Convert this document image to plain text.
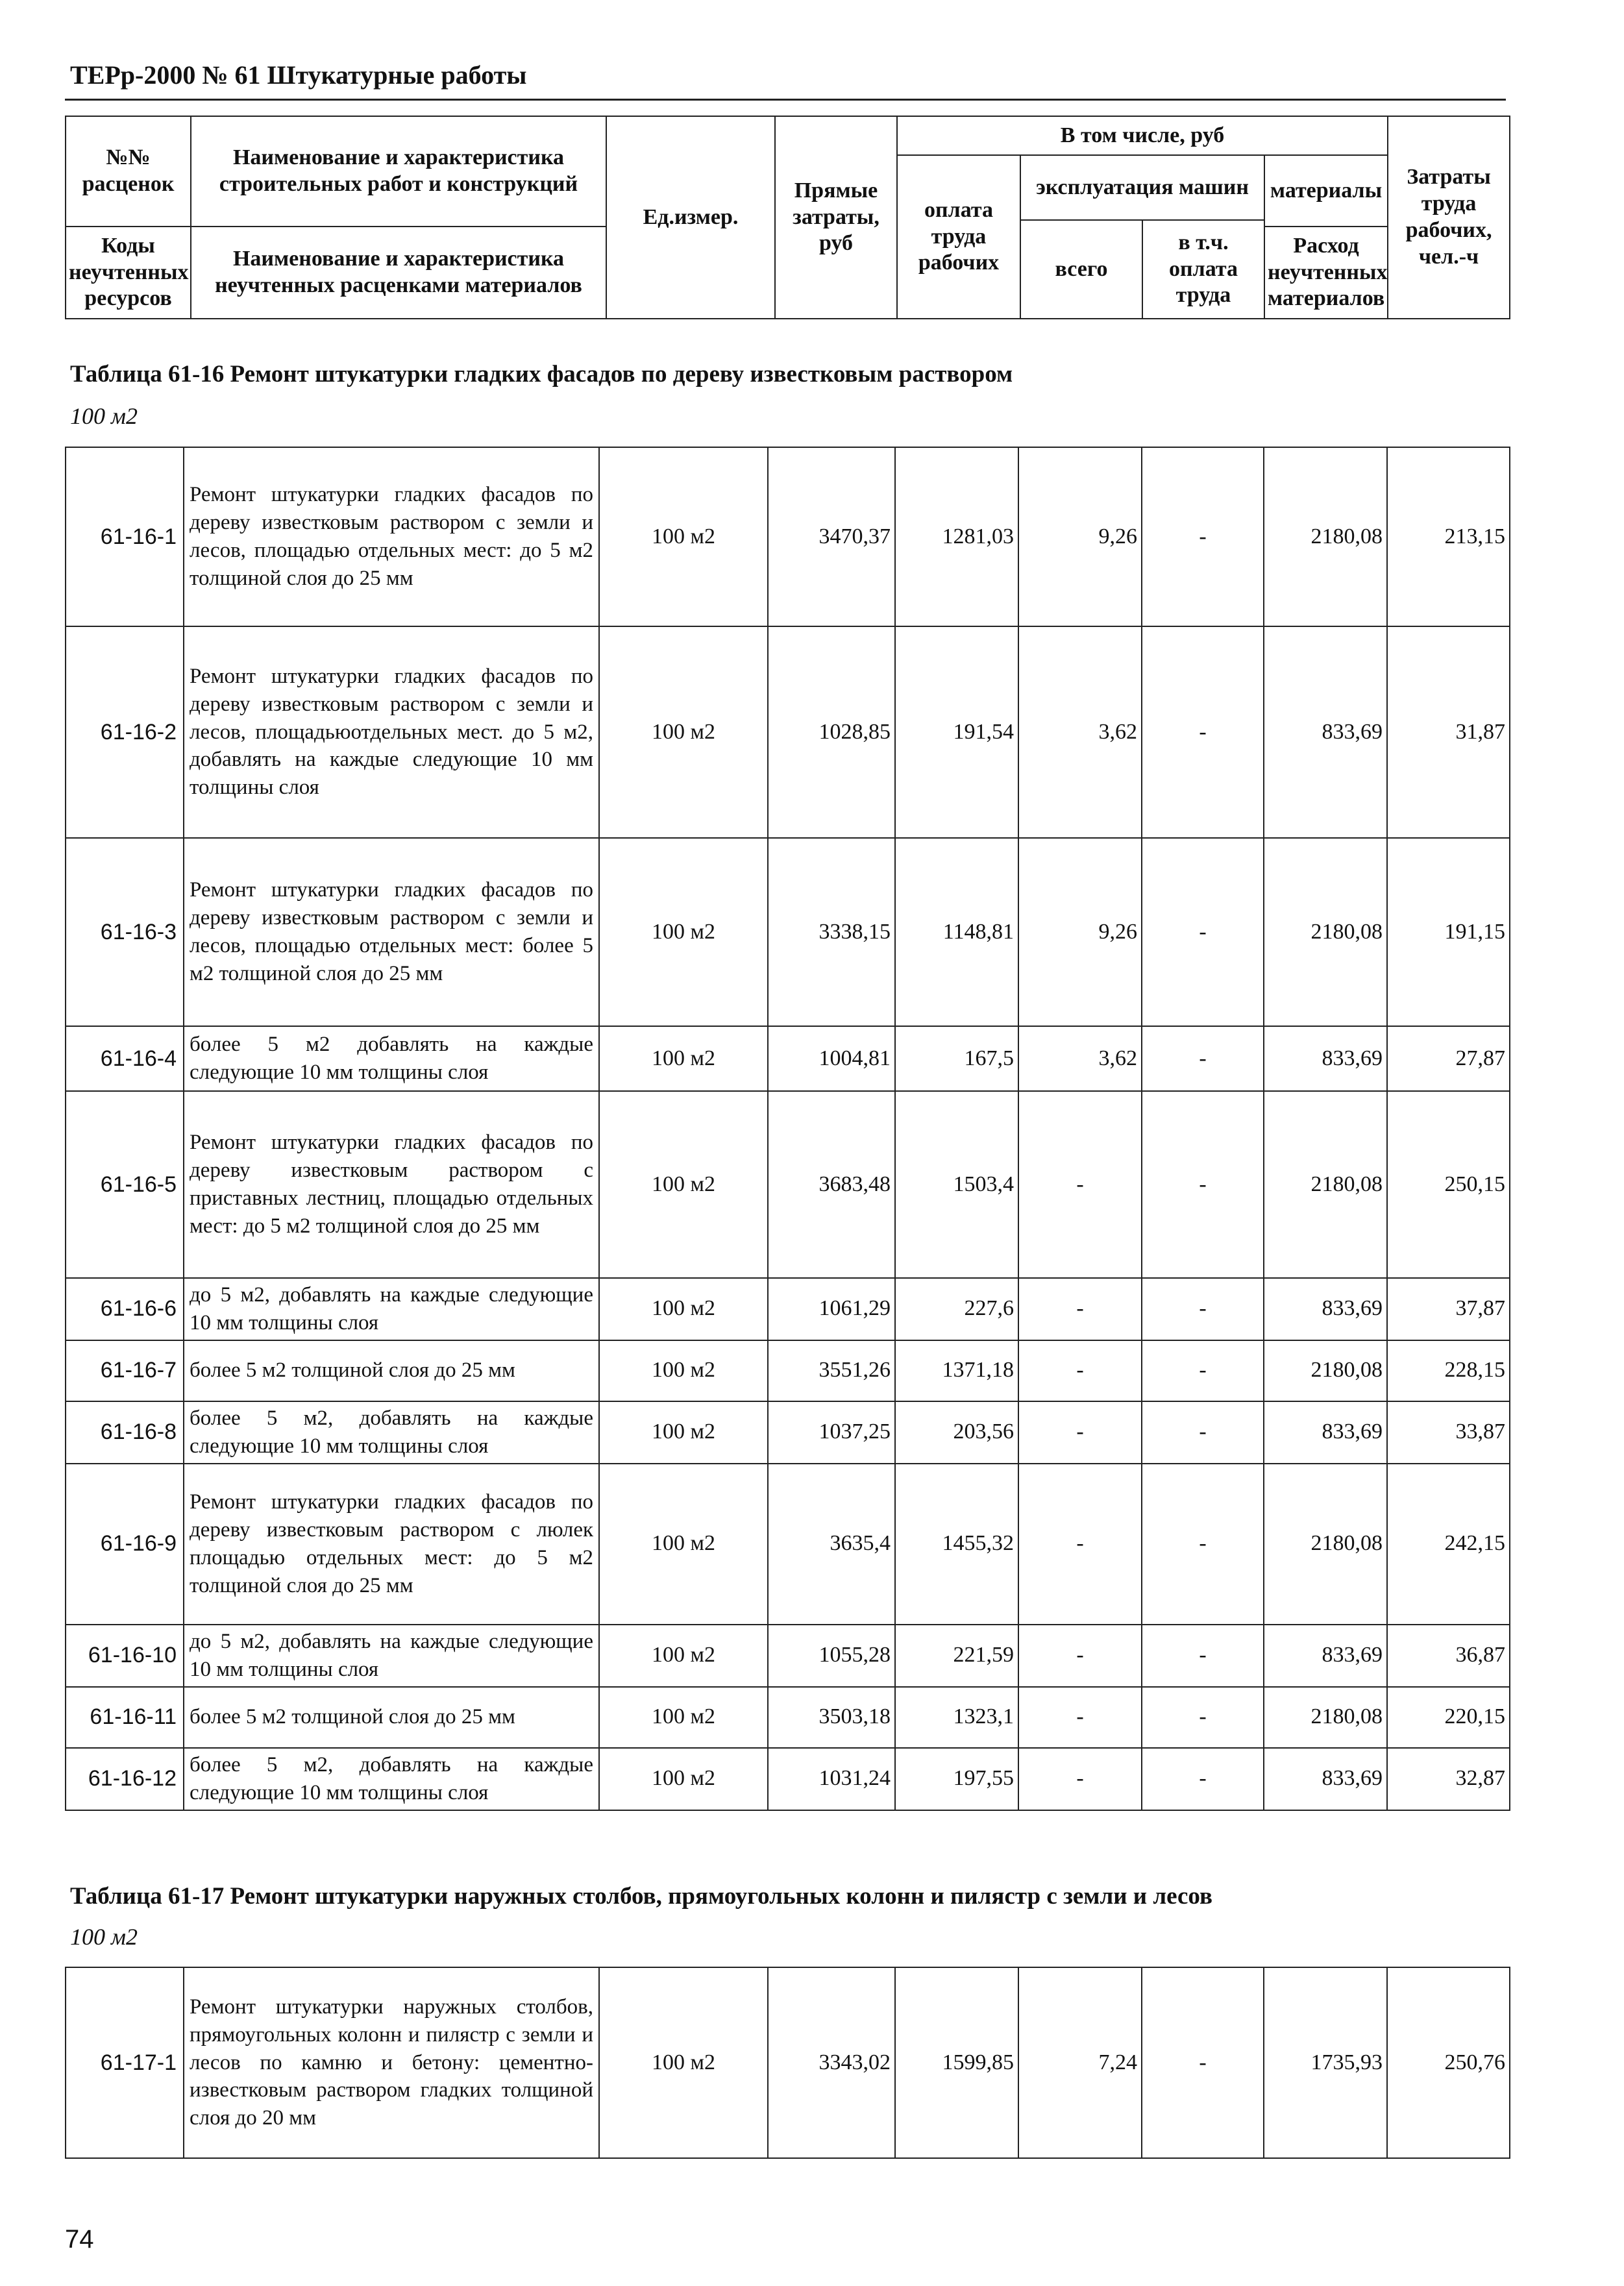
ТЕРр-2000 № 61 Штукатурные работы
№№ расценок	Наименование и характеристика строительных работ и конструкций	Ед.измер.	Прямые затраты, руб	В том числе, руб				Затраты труда рабочих, чел.-ч
				оплата труда рабочих	эксплуатация машин		материалы	
					всего	в т.ч. оплата труда		
Коды неучтенных ресурсов	Наименование и характеристика неучтенных расценками материалов						Расход неучтенных материалов	

Таблица 61-16 Ремонт штукатурки гладких фасадов по дереву известковым раствором
100 м2
61-16-1	Ремонт штукатурки гладких фасадов по дереву известковым раствором с земли и лесов, площадью отдельных мест: до 5 м2 толщиной слоя до 25 мм	100 м2	3470,37	1281,03	9,26	-	2180,08	213,15
61-16-2	Ремонт штукатурки гладких фасадов по дереву известковым раствором с земли и лесов, площадьюотдельных мест. до 5 м2, добавлять на каждые следующие 10 мм толщины слоя	100 м2	1028,85	191,54	3,62	-	833,69	31,87
61-16-3	Ремонт штукатурки гладких фасадов по дереву известковым раствором с земли и лесов, площадью отдельных мест: более 5 м2 толщиной слоя до 25 мм	100 м2	3338,15	1148,81	9,26	-	2180,08	191,15
61-16-4	более 5 м2 добавлять на каждые следующие 10 мм толщины слоя	100 м2	1004,81	167,5	3,62	-	833,69	27,87
61-16-5	Ремонт штукатурки гладких фасадов по дереву известковым раствором с приставных лестниц, площадью отдельных мест: до 5 м2 толщиной слоя до 25 мм	100 м2	3683,48	1503,4	-	-	2180,08	250,15
61-16-6	до 5 м2, добавлять на каждые следующие 10 мм толщины слоя	100 м2	1061,29	227,6	-	-	833,69	37,87
61-16-7	более 5 м2 толщиной слоя до 25 мм	100 м2	3551,26	1371,18	-	-	2180,08	228,15
61-16-8	более 5 м2, добавлять на каждые следующие 10 мм толщины слоя	100 м2	1037,25	203,56	-	-	833,69	33,87
61-16-9	Ремонт штукатурки гладких фасадов по дереву известковым раствором с люлек площадью отдельных мест: до 5 м2 толщиной слоя до 25 мм	100 м2	3635,4	1455,32	-	-	2180,08	242,15
61-16-10	до 5 м2, добавлять на каждые следующие 10 мм толщины слоя	100 м2	1055,28	221,59	-	-	833,69	36,87
61-16-11	более 5 м2 толщиной слоя до 25 мм	100 м2	3503,18	1323,1	-	-	2180,08	220,15
61-16-12	более 5 м2, добавлять на каждые следующие 10 мм толщины слоя	100 м2	1031,24	197,55	-	-	833,69	32,87
Таблица 61-17 Ремонт штукатурки наружных столбов, прямоугольных колонн и пилястр с земли и лесов
100 м2
61-17-1	Ремонт штукатурки наружных столбов, прямоугольных колонн и пилястр с земли и лесов по камню и бетону: цементно-известковым раствором гладких толщиной слоя до 20 мм	100 м2	3343,02	1599,85	7,24	-	1735,93	250,76
74
